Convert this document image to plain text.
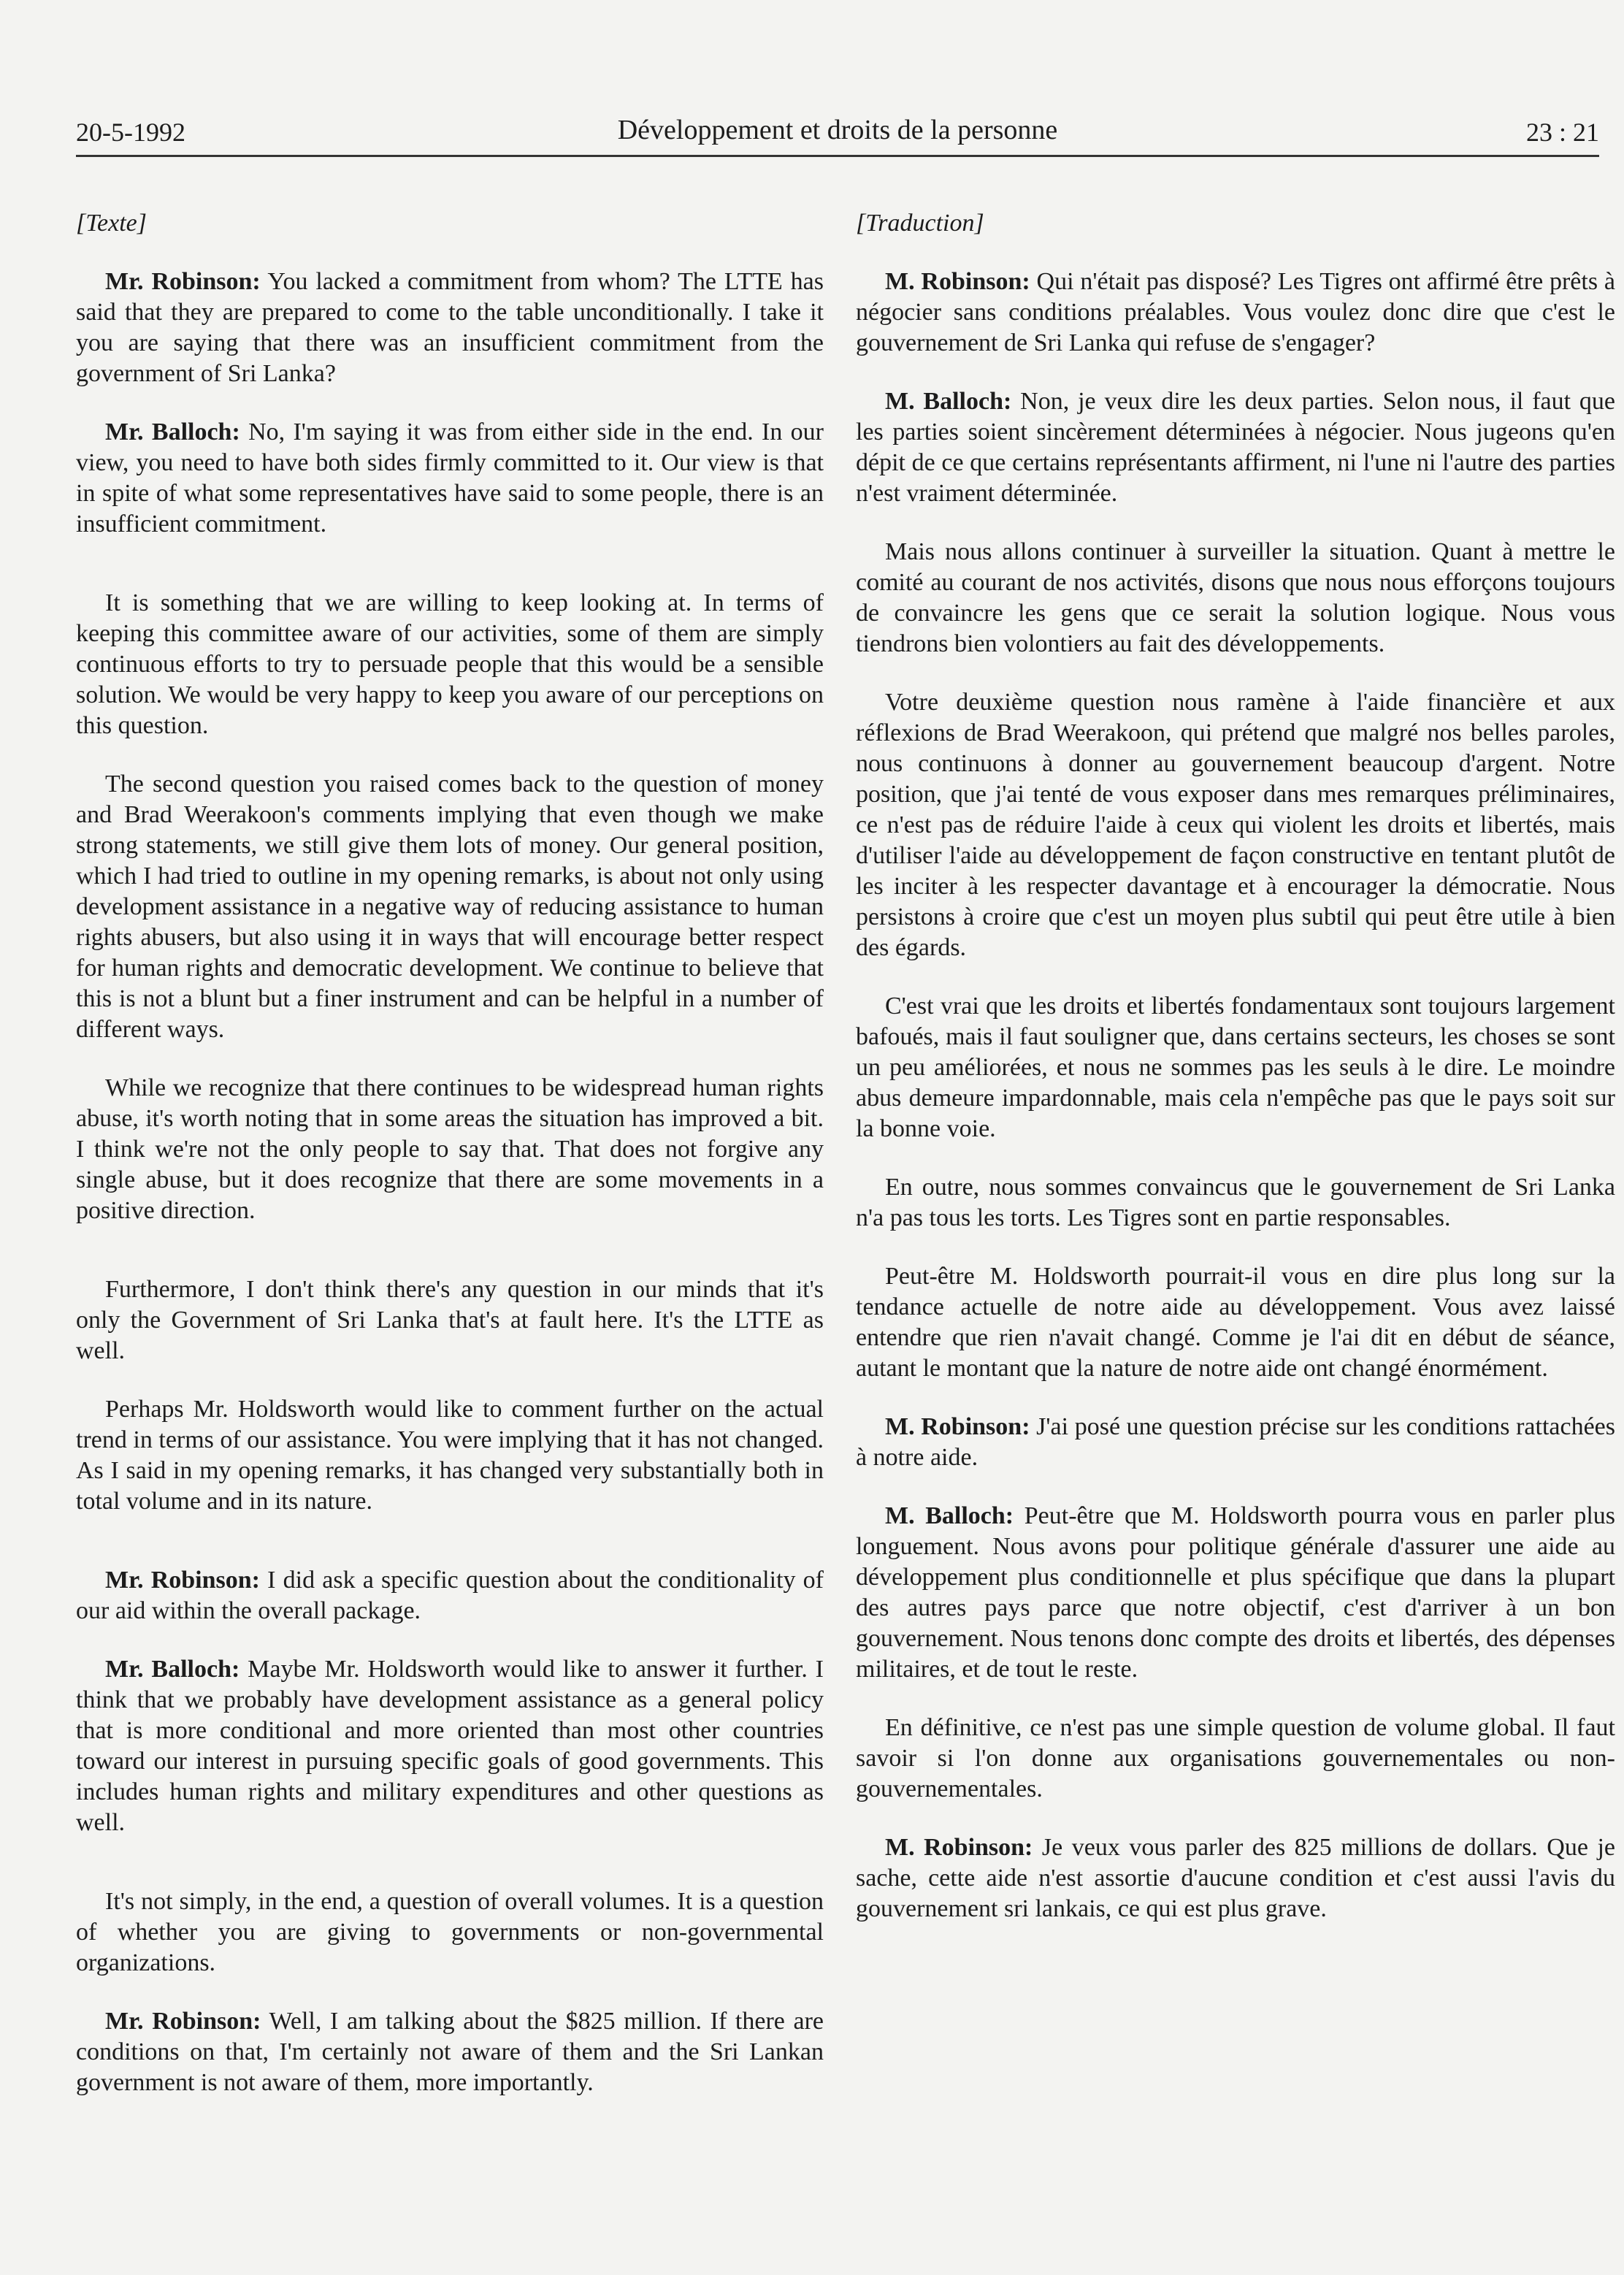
20-5-1992	Développement et droits de la personne	23 : 21
[Texte]

Mr. Robinson: You lacked a commitment from whom? The LTTE has said that they are prepared to come to the table unconditionally. I take it you are saying that there was an insufficient commitment from the government of Sri Lanka?

Mr. Balloch: No, I'm saying it was from either side in the end. In our view, you need to have both sides firmly committed to it. Our view is that in spite of what some representatives have said to some people, there is an insufficient commitment.

It is something that we are willing to keep looking at. In terms of keeping this committee aware of our activities, some of them are simply continuous efforts to try to persuade people that this would be a sensible solution. We would be very happy to keep you aware of our perceptions on this question.

The second question you raised comes back to the question of money and Brad Weerakoon's comments implying that even though we make strong statements, we still give them lots of money. Our general position, which I had tried to outline in my opening remarks, is about not only using development assistance in a negative way of reducing assistance to human rights abusers, but also using it in ways that will encourage better respect for human rights and democratic development. We continue to believe that this is not a blunt but a finer instrument and can be helpful in a number of different ways.

While we recognize that there continues to be widespread human rights abuse, it's worth noting that in some areas the situation has improved a bit. I think we're not the only people to say that. That does not forgive any single abuse, but it does recognize that there are some movements in a positive direction.

Furthermore, I don't think there's any question in our minds that it's only the Government of Sri Lanka that's at fault here. It's the LTTE as well.

Perhaps Mr. Holdsworth would like to comment further on the actual trend in terms of our assistance. You were implying that it has not changed. As I said in my opening remarks, it has changed very substantially both in total volume and in its nature.

Mr. Robinson: I did ask a specific question about the conditionality of our aid within the overall package.

Mr. Balloch: Maybe Mr. Holdsworth would like to answer it further. I think that we probably have development assistance as a general policy that is more conditional and more oriented than most other countries toward our interest in pursuing specific goals of good governments. This includes human rights and military expenditures and other questions as well.

It's not simply, in the end, a question of overall volumes. It is a question of whether you are giving to governments or non-governmental organizations.

Mr. Robinson: Well, I am talking about the $825 million. If there are conditions on that, I'm certainly not aware of them and the Sri Lankan government is not aware of them, more importantly.

[Traduction]

M. Robinson: Qui n'était pas disposé? Les Tigres ont affirmé être prêts à négocier sans conditions préalables. Vous voulez donc dire que c'est le gouvernement de Sri Lanka qui refuse de s'engager?

M. Balloch: Non, je veux dire les deux parties. Selon nous, il faut que les parties soient sincèrement déterminées à négocier. Nous jugeons qu'en dépit de ce que certains représentants affirment, ni l'une ni l'autre des parties n'est vraiment déterminée.

Mais nous allons continuer à surveiller la situation. Quant à mettre le comité au courant de nos activités, disons que nous nous efforçons toujours de convaincre les gens que ce serait la solution logique. Nous vous tiendrons bien volontiers au fait des développements.

Votre deuxième question nous ramène à l'aide financière et aux réflexions de Brad Weerakoon, qui prétend que malgré nos belles paroles, nous continuons à donner au gouvernement beaucoup d'argent. Notre position, que j'ai tenté de vous exposer dans mes remarques préliminaires, ce n'est pas de réduire l'aide à ceux qui violent les droits et libertés, mais d'utiliser l'aide au développement de façon constructive en tentant plutôt de les inciter à les respecter davantage et à encourager la démocratie. Nous persistons à croire que c'est un moyen plus subtil qui peut être utile à bien des égards.

C'est vrai que les droits et libertés fondamentaux sont toujours largement bafoués, mais il faut souligner que, dans certains secteurs, les choses se sont un peu améliorées, et nous ne sommes pas les seuls à le dire. Le moindre abus demeure impardonnable, mais cela n'empêche pas que le pays soit sur la bonne voie.

En outre, nous sommes convaincus que le gouvernement de Sri Lanka n'a pas tous les torts. Les Tigres sont en partie responsables.

Peut-être M. Holdsworth pourrait-il vous en dire plus long sur la tendance actuelle de notre aide au développement. Vous avez laissé entendre que rien n'avait changé. Comme je l'ai dit en début de séance, autant le montant que la nature de notre aide ont changé énormément.

M. Robinson: J'ai posé une question précise sur les conditions rattachées à notre aide.

M. Balloch: Peut-être que M. Holdsworth pourra vous en parler plus longuement. Nous avons pour politique générale d'assurer une aide au développement plus conditionnelle et plus spécifique que dans la plupart des autres pays parce que notre objectif, c'est d'arriver à un bon gouvernement. Nous tenons donc compte des droits et libertés, des dépenses militaires, et de tout le reste.

En définitive, ce n'est pas une simple question de volume global. Il faut savoir si l'on donne aux organisations gouvernementales ou non-gouvernementales.

M. Robinson: Je veux vous parler des 825 millions de dollars. Que je sache, cette aide n'est assortie d'aucune condition et c'est aussi l'avis du gouvernement sri lankais, ce qui est plus grave.
